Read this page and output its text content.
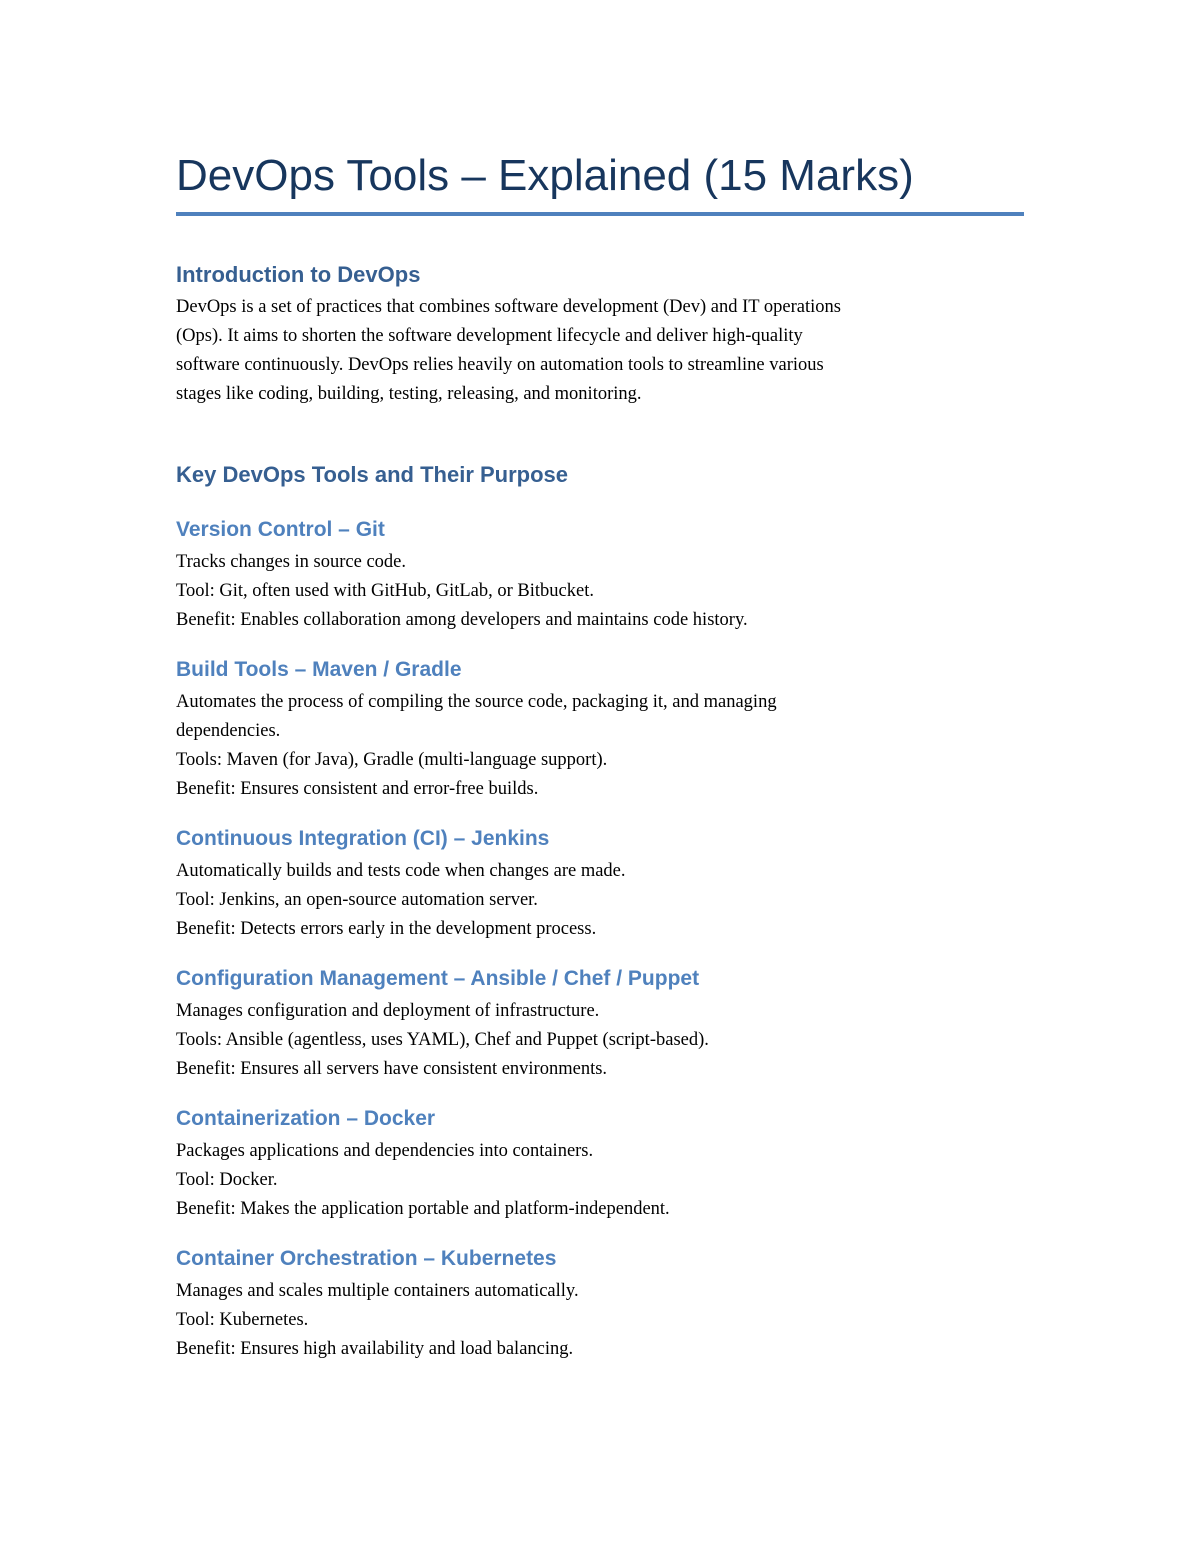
DevOps Tools – Explained (15 Marks)
Introduction to DevOps

DevOps is a set of practices that combines software development (Dev) and IT operations

(Ops). It aims to shorten the software development lifecycle and deliver high-quality

software continuously. DevOps relies heavily on automation tools to streamline various

stages like coding, building, testing, releasing, and monitoring.

Key DevOps Tools and Their Purpose
Version Control – Git

Tracks changes in source code.

Tool: Git, often used with GitHub, GitLab, or Bitbucket.

Benefit: Enables collaboration among developers and maintains code history.

Build Tools – Maven / Gradle

Automates the process of compiling the source code, packaging it, and managing

dependencies.

Tools: Maven (for Java), Gradle (multi-language support).

Benefit: Ensures consistent and error-free builds.

Continuous Integration (CI) – Jenkins

Automatically builds and tests code when changes are made.

Tool: Jenkins, an open-source automation server.

Benefit: Detects errors early in the development process.

Configuration Management – Ansible / Chef / Puppet

Manages configuration and deployment of infrastructure.

Tools: Ansible (agentless, uses YAML), Chef and Puppet (script-based).

Benefit: Ensures all servers have consistent environments.

Containerization – Docker

Packages applications and dependencies into containers.

Tool: Docker.

Benefit: Makes the application portable and platform-independent.

Container Orchestration – Kubernetes

Manages and scales multiple containers automatically.

Tool: Kubernetes.

Benefit: Ensures high availability and load balancing.
